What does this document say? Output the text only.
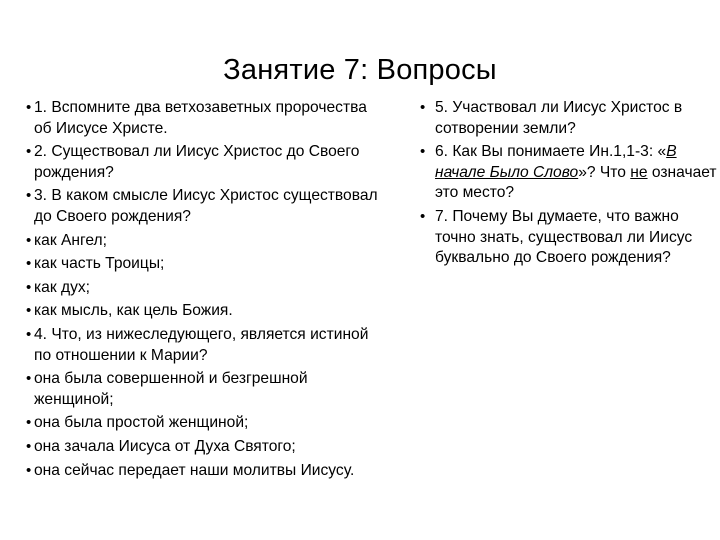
Занятие 7: Вопросы
• 1. Вспомните два ветхозаветных пророчества об Иисусе Христе.
• 2. Существовал ли Иисус Христос до Своего рождения?
• 3. В каком смысле Иисус Христос существовал до Своего рождения?
• как Ангел;
• как часть Троицы;
• как дух;
• как мысль, как цель Божия.
• 4. Что, из нижеследующего, является истиной по отношении к Марии?
• она была совершенной и безгрешной женщиной;
• она была простой женщиной;
• она зачала Иисуса от Духа Святого;
• она сейчас передает наши молитвы Иисусу.
• 5. Участвовал ли Иисус Христос в сотворении земли?
• 6. Как Вы понимаете Ин.1,1-3: «В начале Было Слово»? Что не означает это место?
• 7. Почему Вы думаете, что важно точно знать, существовал ли Иисус буквально до Своего рождения?
